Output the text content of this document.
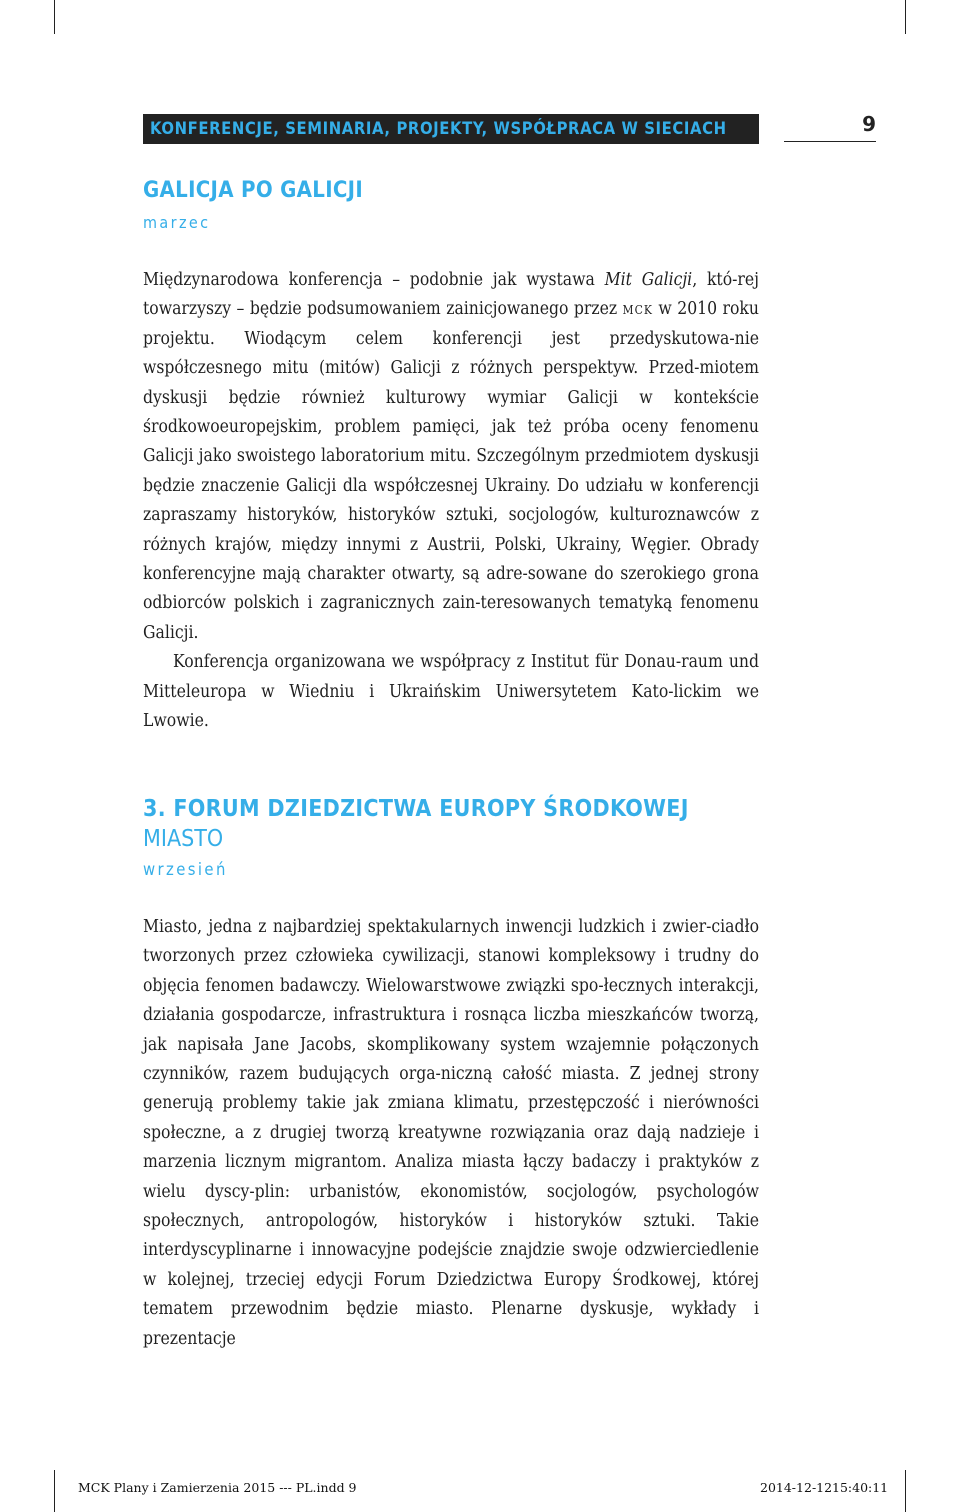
KONFERENCJE, SEMINARIA, PROJEKTY, WSPÓŁPRACA W SIECIACH	9
GALICJA PO GALICJI
marzec

Międzynarodowa konferencja – podobnie jak wystawa Mit Galicji, któ-rej towarzyszy – będzie podsumowaniem zainicjowanego przez mck w 2010 roku projektu. Wiodącym celem konferencji jest przedyskutowa-nie współczesnego mitu (mitów) Galicji z różnych perspektyw. Przed-miotem dyskusji będzie również kulturowy wymiar Galicji w kontekście środkowoeuropejskim, problem pamięci, jak też próba oceny fenomenu Galicji jako swoistego laboratorium mitu. Szczególnym przedmiotem dyskusji będzie znaczenie Galicji dla współczesnej Ukrainy. Do udziału w konferencji zapraszamy historyków, historyków sztuki, socjologów, kulturoznawców z różnych krajów, między innymi z Austrii, Polski, Ukrainy, Węgier. Obrady konferencyjne mają charakter otwarty, są adre-sowane do szerokiego grona odbiorców polskich i zagranicznych zain-teresowanych tematyką fenomenu Galicji.

Konferencja organizowana we współpracy z Institut für Donau-raum und Mitteleuropa w Wiedniu i Ukraińskim Uniwersytetem Kato-lickim we Lwowie.

3. FORUM DZIEDZICTWA EUROPY ŚRODKOWEJ
MIASTO
wrzesień

Miasto, jedna z najbardziej spektakularnych inwencji ludzkich i zwier-ciadło tworzonych przez człowieka cywilizacji, stanowi kompleksowy i trudny do objęcia fenomen badawczy. Wielowarstwowe związki spo-łecznych interakcji, działania gospodarcze, infrastruktura i rosnąca liczba mieszkańców tworzą, jak napisała Jane Jacobs, skomplikowany system wzajemnie połączonych czynników, razem budujących orga-niczną całość miasta. Z jednej strony generują problemy takie jak zmiana klimatu, przestępczość i nierówności społeczne, a z drugiej tworzą kreatywne rozwiązania oraz dają nadzieje i marzenia licznym migrantom. Analiza miasta łączy badaczy i praktyków z wielu dyscy-plin: urbanistów, ekonomistów, socjologów, psychologów społecznych, antropologów, historyków i historyków sztuki. Takie interdyscyplinarne i innowacyjne podejście znajdzie swoje odzwierciedlenie w kolejnej, trzeciej edycji Forum Dziedzictwa Europy Środkowej, której tematem przewodnim będzie miasto. Plenarne dyskusje, wykłady i prezentacje

MCK Plany i Zamierzenia 2015 --- PL.indd 9	2014-12-12 15:40:11
